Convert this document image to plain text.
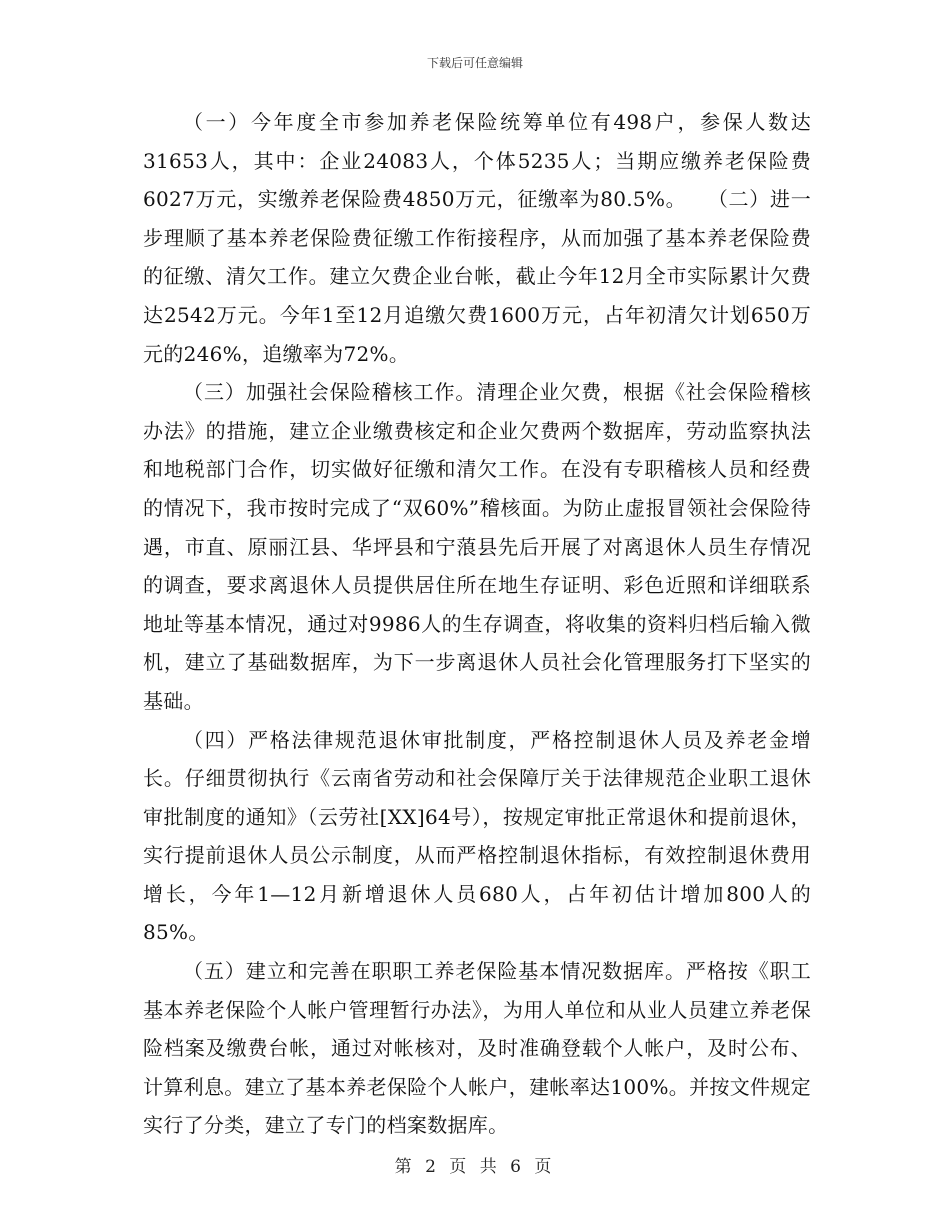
下载后可任意编辑

（一）今年度全市参加养老保险统筹单位有498户，参保人数达31653人，其中：企业24083人，个体5235人；当期应缴养老保险费6027万元，实缴养老保险费4850万元，征缴率为80.5%。　　（二）进一步理顺了基本养老保险费征缴工作衔接程序，从而加强了基本养老保险费的征缴、清欠工作。建立欠费企业台帐，截止今年12月全市实际累计欠费达2542万元。今年1至12月追缴欠费1600万元，占年初清欠计划650万元的246%，追缴率为72%。

（三）加强社会保险稽核工作。清理企业欠费，根据《社会保险稽核办法》的措施，建立企业缴费核定和企业欠费两个数据库，劳动监察执法和地税部门合作，切实做好征缴和清欠工作。在没有专职稽核人员和经费的情况下，我市按时完成了“双60%”稽核面。为防止虚报冒领社会保险待遇，市直、原丽江县、华坪县和宁蒗县先后开展了对离退休人员生存情况的调查，要求离退休人员提供居住所在地生存证明、彩色近照和详细联系地址等基本情况，通过对9986人的生存调查，将收集的资料归档后输入微机，建立了基础数据库，为下一步离退休人员社会化管理服务打下坚实的基础。

（四）严格法律规范退休审批制度，严格控制退休人员及养老金增长。仔细贯彻执行《云南省劳动和社会保障厅关于法律规范企业职工退休审批制度的通知》（云劳社[XX]64号），按规定审批正常退休和提前退休，实行提前退休人员公示制度，从而严格控制退休指标，有效控制退休费用增长，今年1—12月新增退休人员680人，占年初估计增加800人的85%。

（五）建立和完善在职职工养老保险基本情况数据库。严格按《职工基本养老保险个人帐户管理暂行办法》，为用人单位和从业人员建立养老保险档案及缴费台帐，通过对帐核对，及时准确登载个人帐户，及时公布、计算利息。建立了基本养老保险个人帐户，建帐率达100%。并按文件规定实行了分类，建立了专门的档案数据库。

第 2 页 共 6 页
